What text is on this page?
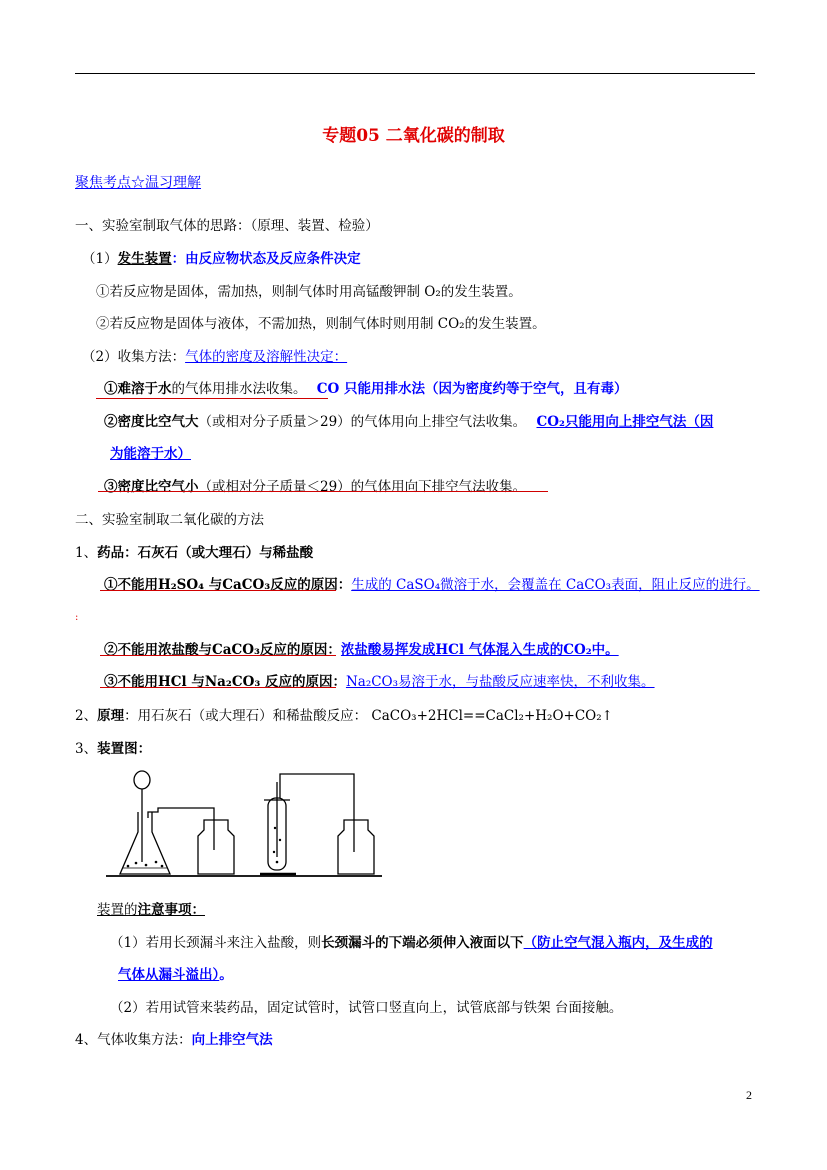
专题05 二氧化碳的制取
聚焦考点☆温习理解
一、实验室制取气体的思路：（原理、装置、检验）
（1）发生装置：由反应物状态及反应条件决定
①若反应物是固体，需加热，则制气体时用高锰酸钾制 O₂的发生装置。
②若反应物是固体与液体，不需加热，则制气体时则用制 CO₂的发生装置。
（2）收集方法：气体的密度及溶解性决定：
①难溶于水的气体用排水法收集。 CO 只能用排水法（因为密度约等于空气，且有毒）
②密度比空气大（或相对分子质量＞29）的气体用向上排空气法收集。 CO₂只能用向上排空气法（因
为能溶于水）
③密度比空气小（或相对分子质量＜29）的气体用向下排空气法收集。
二、实验室制取二氧化碳的方法
1、药品：石灰石（或大理石）与稀盐酸
①不能用H₂SO₄ 与CaCO₃反应的原因：生成的 CaSO₄微溶于水，会覆盖在 CaCO₃表面，阻止反应的进行。
:
②不能用浓盐酸与CaCO₃反应的原因：浓盐酸易挥发成HCl 气体混入生成的CO₂中。
③不能用HCl 与Na₂CO₃ 反应的原因：Na₂CO₃易溶于水，与盐酸反应速率快，不利收集。
2、原理：用石灰石（或大理石）和稀盐酸反应： CaCO₃+2HCl==CaCl₂+H₂O+CO₂↑
3、装置图：
装置的注意事项：
（1）若用长颈漏斗来注入盐酸，则长颈漏斗的下端必须伸入液面以下（防止空气混入瓶内，及生成的
气体从漏斗溢出）。
（2）若用试管来装药品，固定试管时，试管口竖直向上，试管底部与铁架 台面接触。
4、气体收集方法：向上排空气法
2
